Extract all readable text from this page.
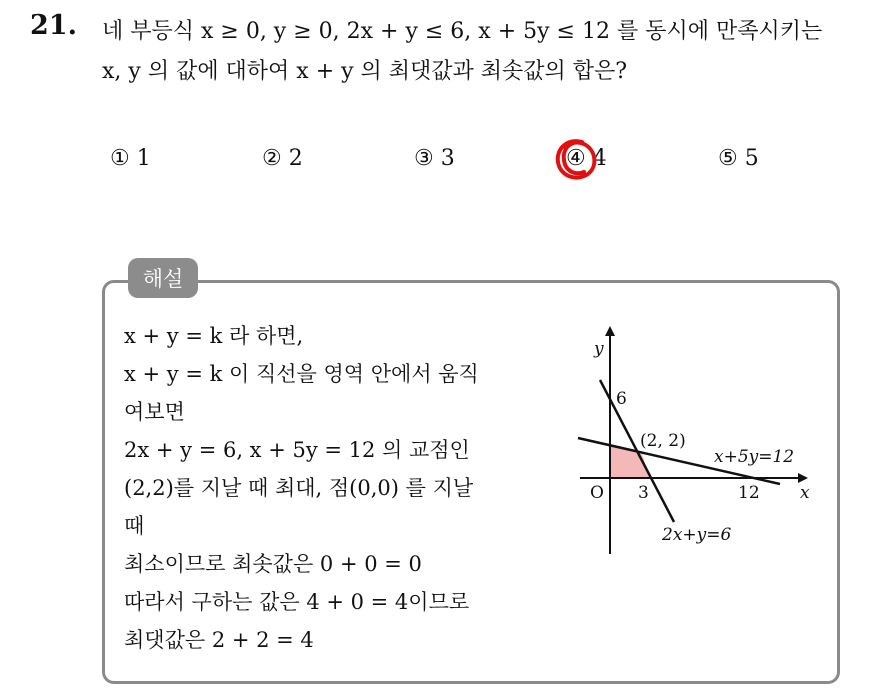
21. 네 부등식 x ≥ 0, y ≥ 0, 2x + y ≤ 6, x + 5y ≤ 12 를 동시에 만족시키는
x, y 의 값에 대하여 x + y 의 최댓값과 최솟값의 합은?
① 1	② 2	③ 3	④ 4	⑤ 5
해설
x + y = k 라 하면,
x + y = k 이 직선을 영역 안에서 움직
여보면
2x + y = 6, x + 5y = 12 의 교점인
(2,2)를 지날 때 최대, 점(0,0) 를 지날
때
최소이므로 최솟값은 0 + 0 = 0
따라서 구하는 값은 4 + 0 = 4이므로
최댓값은 2 + 2 = 4
y
x
O
6
3	12
(2, 2)
x+5y=12
2x+y=6
